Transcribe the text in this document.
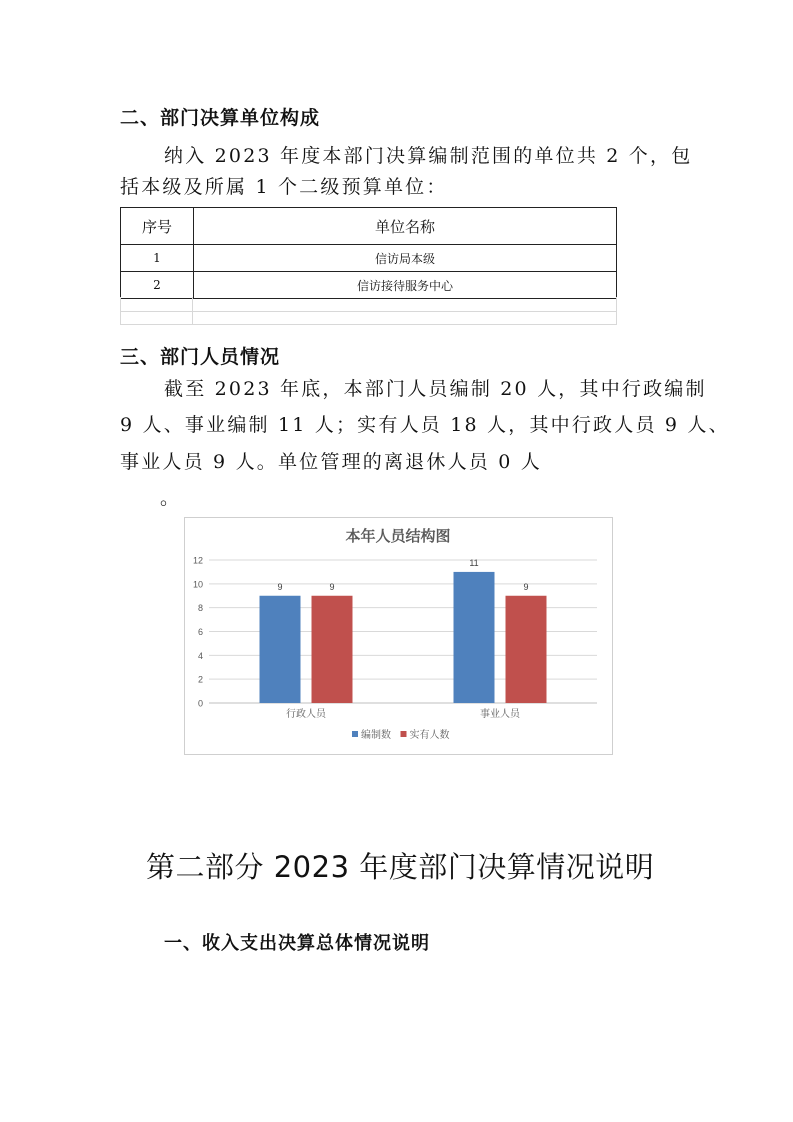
二、部门决算单位构成
纳入 2023 年度本部门决算编制范围的单位共 2 个，包
括本级及所属 1 个二级预算单位：
序号	单位名称
1	信访局本级
2	信访接待服务中心
三、部门人员情况
截至 2023 年底，本部门人员编制 20 人，其中行政编制
9 人、事业编制 11 人；实有人员 18 人，其中行政人员 9 人、
事业人员 9 人。单位管理的离退休人员 0 人
。
本年人员结构图
0
2
4
6
8
10
12
9	9
11
9
行政人员	事业人员
编制数 实有人数
第二部分 2023 年度部门决算情况说明
一、收入支出决算总体情况说明
